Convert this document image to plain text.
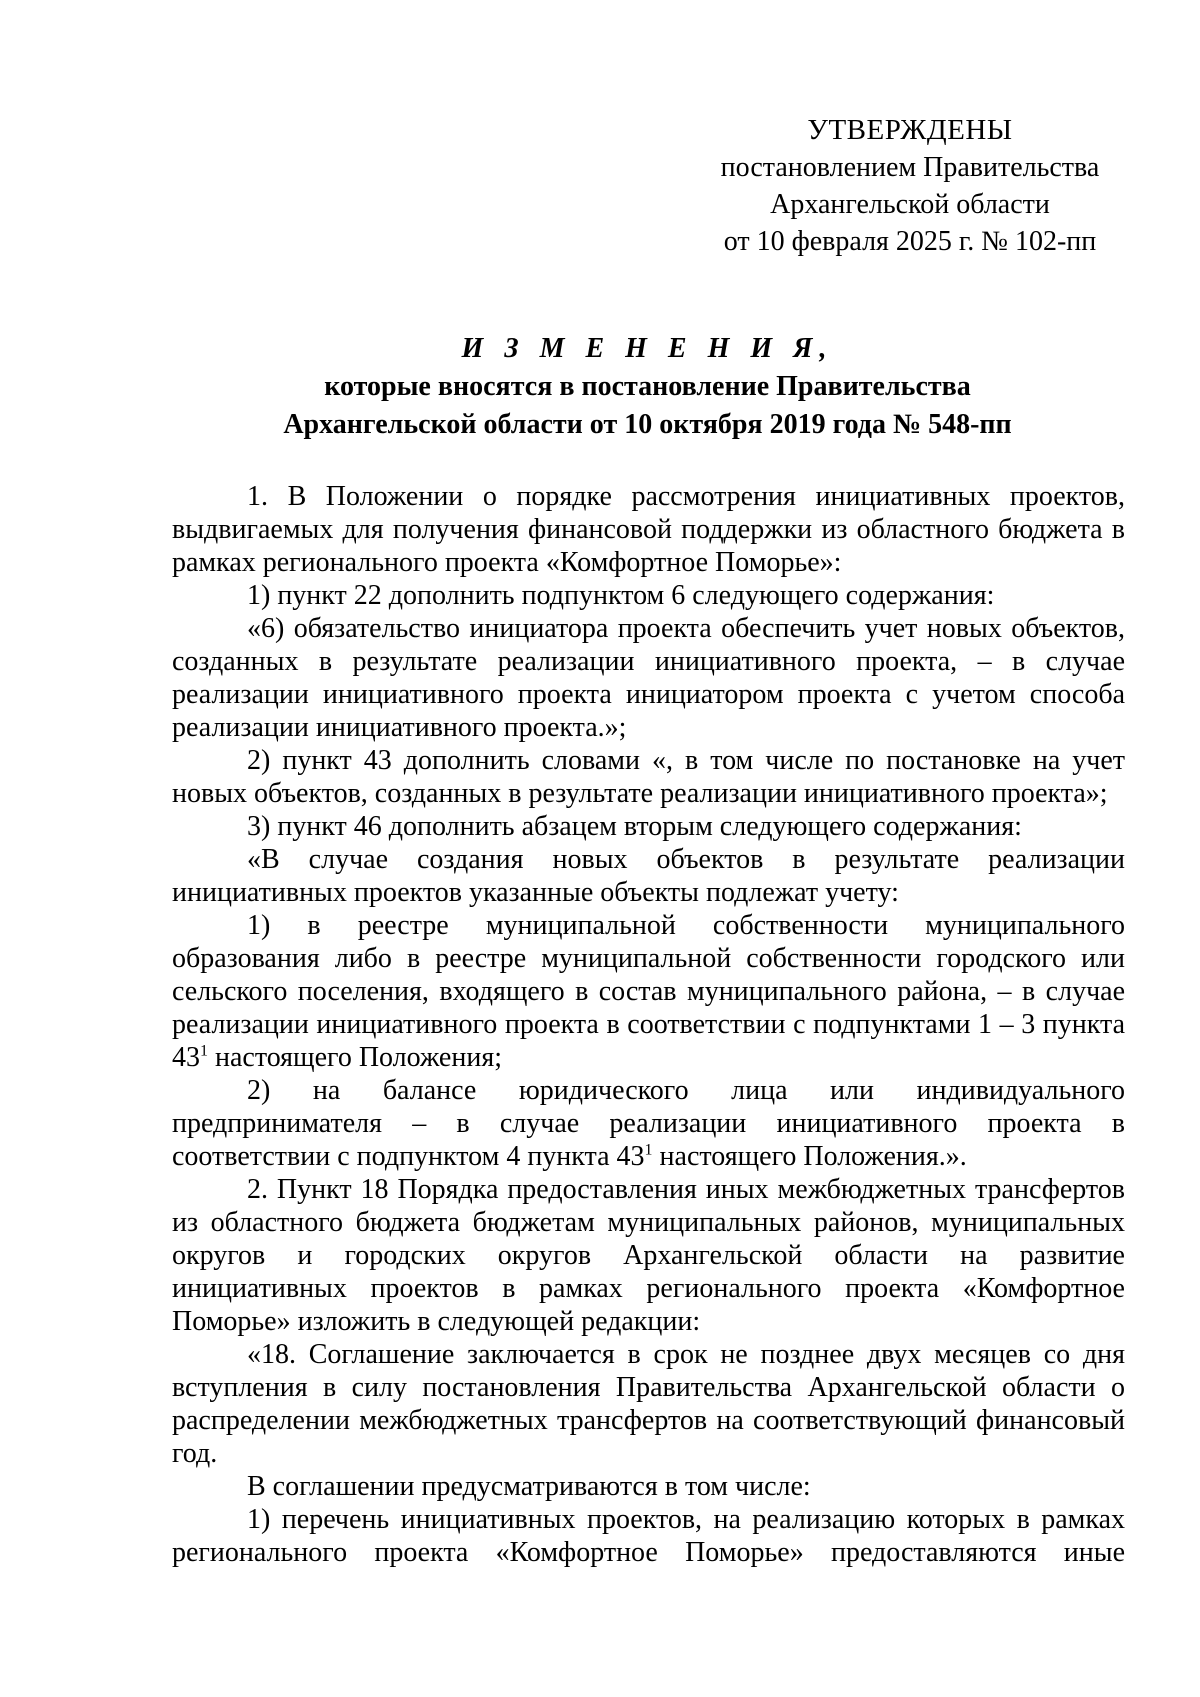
УТВЕРЖДЕНЫ
постановлением Правительства
Архангельской области
от 10 февраля 2025 г. № 102-пп
И З М Е Н Е Н И Я,
которые вносятся в постановление Правительства
Архангельской области от 10 октября 2019 года № 548-пп

1. В Положении о порядке рассмотрения инициативных проектов, выдвигаемых для получения финансовой поддержки из областного бюджета в рамках регионального проекта «Комфортное Поморье»:

1) пункт 22 дополнить подпунктом 6 следующего содержания:

«6) обязательство инициатора проекта обеспечить учет новых объектов, созданных в результате реализации инициативного проекта, – в случае реализации инициативного проекта инициатором проекта с учетом способа реализации инициативного проекта.»;

2) пункт 43 дополнить словами «, в том числе по постановке на учет новых объектов, созданных в результате реализации инициативного проекта»;

3) пункт 46 дополнить абзацем вторым следующего содержания:

«В случае создания новых объектов в результате реализации инициативных проектов указанные объекты подлежат учету:

1) в реестре муниципальной собственности муниципального образования либо в реестре муниципальной собственности городского или сельского поселения, входящего в состав муниципального района, – в случае реализации инициативного проекта в соответствии с подпунктами 1 – 3 пункта $43^1$ настоящего Положения;

2) на балансе юридического лица или индивидуального предпринимателя – в случае реализации инициативного проекта в соответствии с подпунктом 4 пункта $43^1$ настоящего Положения.».

2. Пункт 18 Порядка предоставления иных межбюджетных трансфертов из областного бюджета бюджетам муниципальных районов, муниципальных округов и городских округов Архангельской области на развитие инициативных проектов в рамках регионального проекта «Комфортное Поморье» изложить в следующей редакции:

«18. Соглашение заключается в срок не позднее двух месяцев со дня вступления в силу постановления Правительства Архангельской области о распределении межбюджетных трансфертов на соответствующий финансовый год.

В соглашении предусматриваются в том числе:

1) перечень инициативных проектов, на реализацию которых в рамках регионального проекта «Комфортное Поморье» предоставляются иные
